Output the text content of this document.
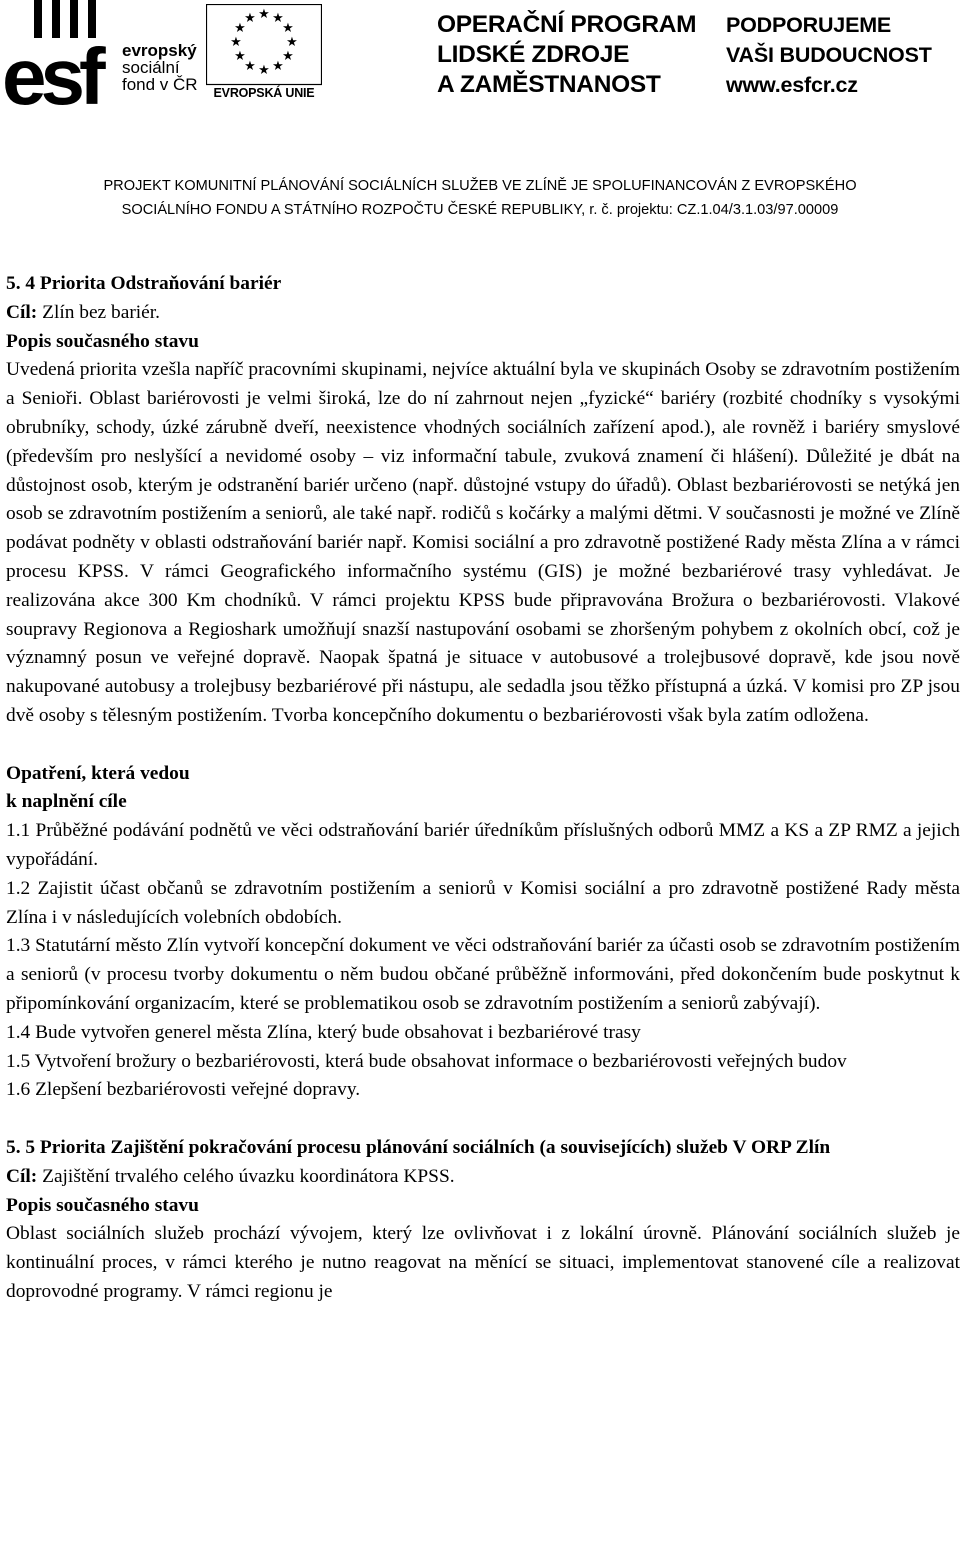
esf	evropský
sociální
fond v ČR
★ ★
★
★
★
★
★
★
★
★
★
★
EVROPSKÁ UNIE
OPERAČNÍ PROGRAM
LIDSKÉ ZDROJE
A ZAMĚSTNANOST
PODPORUJEME
VAŠI BUDOUCNOST
www.esfcr.cz
PROJEKT KOMUNITNÍ PLÁNOVÁNÍ SOCIÁLNÍCH SLUŽEB VE ZLÍNĚ JE SPOLUFINANCOVÁN Z EVROPSKÉHO
SOCIÁLNÍHO FONDU A STÁTNÍHO ROZPOČTU ČESKÉ REPUBLIKY, r. č. projektu: CZ.1.04/3.1.03/97.00009

5. 4 Priorita Odstraňování bariér

Cíl: Zlín bez bariér.

Popis současného stavu

Uvedená priorita vzešla napříč pracovními skupinami, nejvíce aktuální byla ve skupinách Osoby se zdravotním postižením a Senioři. Oblast bariérovosti je velmi široká, lze do ní zahrnout nejen „fyzické“ bariéry (rozbité chodníky s vysokými obrubníky, schody, úzké zárubně dveří, neexistence vhodných sociálních zařízení apod.), ale rovněž i bariéry smyslové (především pro neslyšící a nevidomé osoby – viz informační tabule, zvuková znamení či hlášení). Důležité je dbát na důstojnost osob, kterým je odstranění bariér určeno (např. důstojné vstupy do úřadů). Oblast bezbariérovosti se netýká jen osob se zdravotním postižením a seniorů, ale také např. rodičů s kočárky a malými dětmi. V současnosti je možné ve Zlíně podávat podněty v oblasti odstraňování bariér např. Komisi sociální a pro zdravotně postižené Rady města Zlína a v rámci procesu KPSS. V rámci Geografického informačního systému (GIS) je možné bezbariérové trasy vyhledávat. Je realizována akce 300 Km chodníků. V rámci projektu KPSS bude připravována Brožura o bezbariérovosti. Vlakové soupravy Regionova a Regioshark umožňují snazší nastupování osobami se zhoršeným pohybem z okolních obcí, což je významný posun ve veřejné dopravě. Naopak špatná je situace v autobusové a trolejbusové dopravě, kde jsou nově nakupované autobusy a trolejbusy bezbariérové při nástupu, ale sedadla jsou těžko přístupná a úzká. V komisi pro ZP jsou dvě osoby s tělesným postižením. Tvorba koncepčního dokumentu o bezbariérovosti však byla zatím odložena.

Opatření, která vedou

k naplnění cíle

1.1 Průběžné podávání podnětů ve věci odstraňování bariér úředníkům příslušných odborů MMZ a KS a ZP RMZ a jejich vypořádání.

1.2 Zajistit účast občanů se zdravotním postižením a seniorů v Komisi sociální a pro zdravotně postižené Rady města Zlína i v následujících volebních obdobích.

1.3 Statutární město Zlín vytvoří koncepční dokument ve věci odstraňování bariér za účasti osob se zdravotním postižením a seniorů (v procesu tvorby dokumentu o něm budou občané průběžně informováni, před dokončením bude poskytnut k připomínkování organizacím, které se problematikou osob se zdravotním postižením a seniorů zabývají).

1.4 Bude vytvořen generel města Zlína, který bude obsahovat i bezbariérové trasy

1.5 Vytvoření brožury o bezbariérovosti, která bude obsahovat informace o bezbariérovosti veřejných budov

1.6 Zlepšení bezbariérovosti veřejné dopravy.

5. 5 Priorita Zajištění pokračování procesu plánování sociálních (a souvisejících) služeb V ORP Zlín

Cíl: Zajištění trvalého celého úvazku koordinátora KPSS.

Popis současného stavu

Oblast sociálních služeb prochází vývojem, který lze ovlivňovat i z lokální úrovně. Plánování sociálních služeb je kontinuální proces, v rámci kterého je nutno reagovat na měnící se situaci, implementovat stanovené cíle a realizovat doprovodné programy. V rámci regionu je
